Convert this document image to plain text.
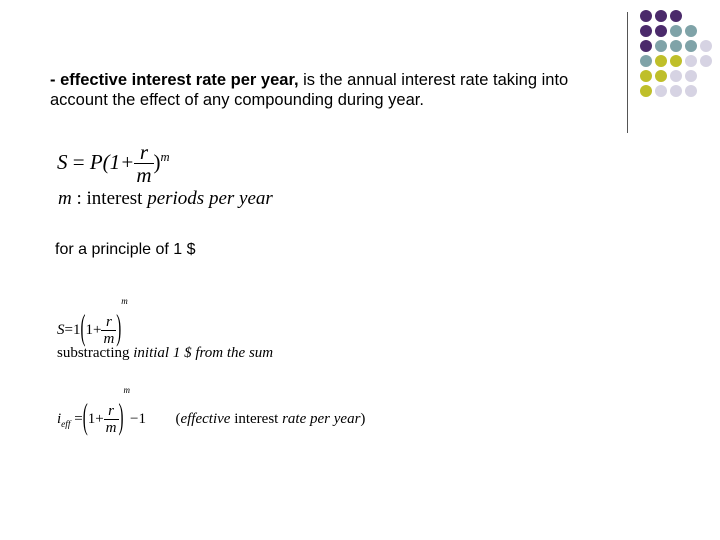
- effective interest rate per year, is the annual interest rate taking into account the effect of any compounding during year.

$S = P(1+ \frac{r}{m} )^m$
m : interest periods per year

for a principle of 1 $

$S=1(1+ \frac{r}{m} )^m$
substracting initial 1 $ from the sum
$i_{eff} =(1+ \frac{r}{m} )^m-1$ (effective interest rate per year)
